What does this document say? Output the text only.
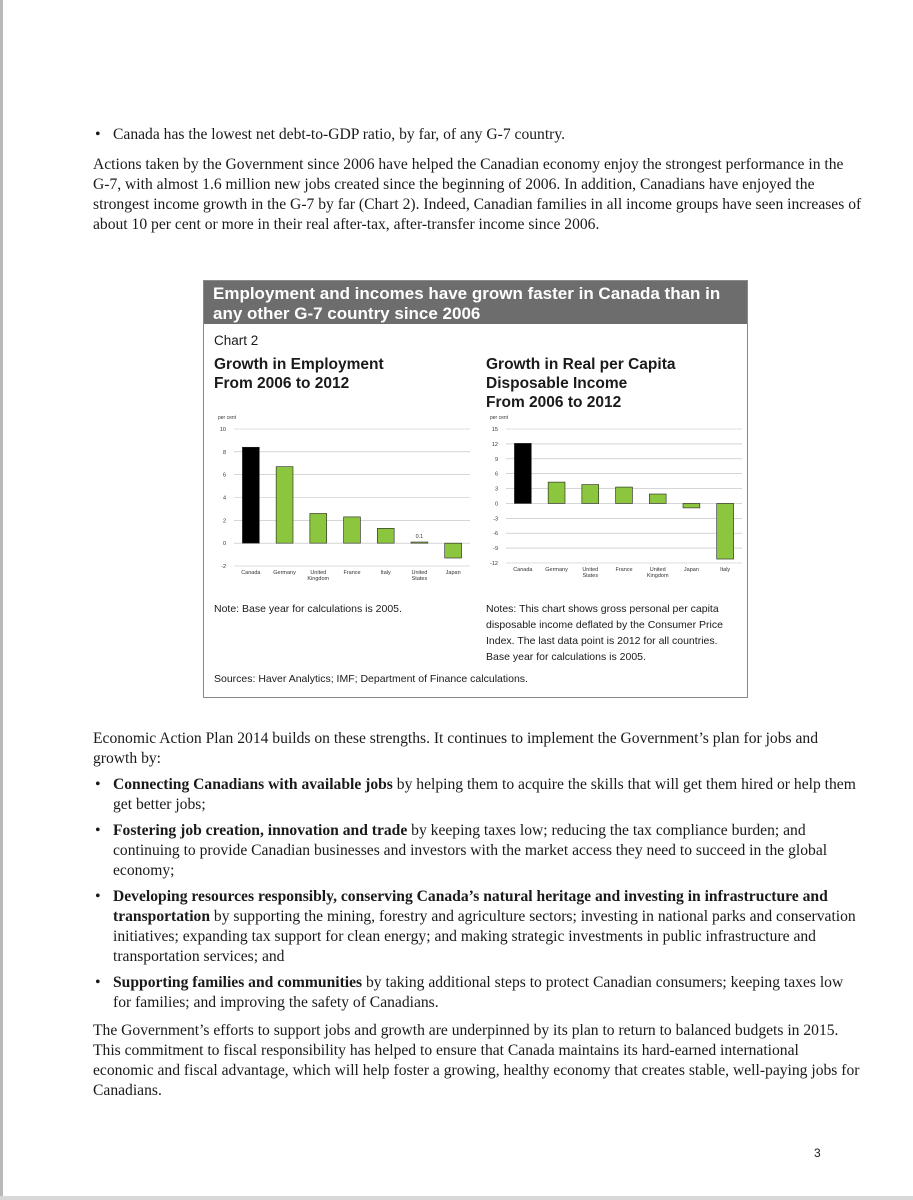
• Canada has the lowest net debt-to-GDP ratio, by far, of any G-7 country.

Actions taken by the Government since 2006 have helped the Canadian economy enjoy the strongest performance in the G-7, with almost 1.6 million new jobs created since the beginning of 2006. In addition, Canadians have enjoyed the strongest income growth in the G-7 by far (Chart 2). Indeed, Canadian families in all income groups have seen increases of about 10 per cent or more in their real after-tax, after-transfer income since 2006.

Employment and incomes have grown faster in Canada than in any other G-7 country since 2006
Chart 2
Growth in Employment
From 2006 to 2012
Growth in Real per Capita
Disposable Income
From 2006 to 2012
per cent
-2
0
2
4
6
8
10
Canada Germany	United
Kingdom
France	Italy	United
States
Japan
0.1
per cent
-12
-9
-6
-3
0
3
6
9
12
15
Canada Germany	United
States
France	United
Kingdom
Japan	Italy
Note: Base year for calculations is 2005.	Notes: This chart shows gross personal per capita
disposable income deflated by the Consumer Price
Index. The last data point is 2012 for all countries.
Base year for calculations is 2005.
Sources: Haver Analytics; IMF; Department of Finance calculations.

Economic Action Plan 2014 builds on these strengths. It continues to implement the Government’s plan for jobs and growth by:

• Connecting Canadians with available jobs by helping them to acquire the skills that will get them hired or help them get better jobs;

• Fostering job creation, innovation and trade by keeping taxes low; reducing the tax compliance burden; and continuing to provide Canadian businesses and investors with the market access they need to succeed in the global economy;

• Developing resources responsibly, conserving Canada’s natural heritage and investing in infrastructure and transportation by supporting the mining, forestry and agriculture sectors; investing in national parks and conservation initiatives; expanding tax support for clean energy; and making strategic investments in public infrastructure and transportation services; and

• Supporting families and communities by taking additional steps to protect Canadian consumers; keeping taxes low for families; and improving the safety of Canadians.

The Government’s efforts to support jobs and growth are underpinned by its plan to return to balanced budgets in 2015. This commitment to fiscal responsibility has helped to ensure that Canada maintains its hard-earned international economic and fiscal advantage, which will help foster a growing, healthy economy that creates stable, well-paying jobs for Canadians.

3
